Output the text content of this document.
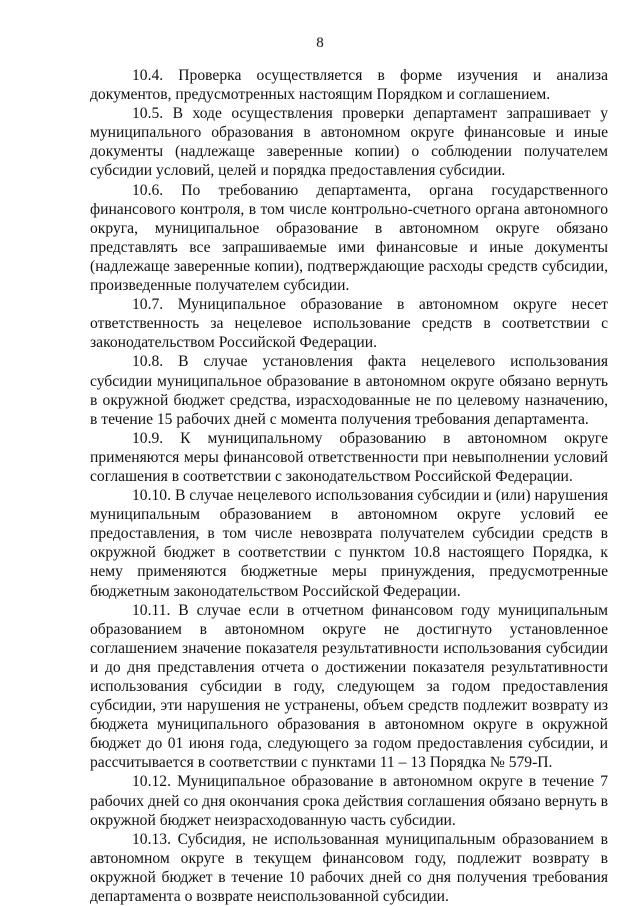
8

10.4. Проверка осуществляется в форме изучения и анализа документов, предусмотренных настоящим Порядком и соглашением.

10.5. В ходе осуществления проверки департамент запрашивает у муниципального образования в автономном округе финансовые и иные документы (надлежаще заверенные копии) о соблюдении получателем субсидии условий, целей и порядка предоставления субсидии.

10.6. По требованию департамента, органа государственного финансового контроля, в том числе контрольно-счетного органа автономного округа, муниципальное образование в автономном округе обязано представлять все запрашиваемые ими финансовые и иные документы (надлежаще заверенные копии), подтверждающие расходы средств субсидии, произведенные получателем субсидии.

10.7. Муниципальное образование в автономном округе несет ответственность за нецелевое использование средств в соответствии с законодательством Российской Федерации.

10.8. В случае установления факта нецелевого использования субсидии муниципальное образование в автономном округе обязано вернуть в окружной бюджет средства, израсходованные не по целевому назначению, в течение 15 рабочих дней с момента получения требования департамента.

10.9. К муниципальному образованию в автономном округе применяются меры финансовой ответственности при невыполнении условий соглашения в соответствии с законодательством Российской Федерации.

10.10. В случае нецелевого использования субсидии и (или) нарушения муниципальным образованием в автономном округе условий ее предоставления, в том числе невозврата получателем субсидии средств в окружной бюджет в соответствии с пунктом 10.8 настоящего Порядка, к нему применяются бюджетные меры принуждения, предусмотренные бюджетным законодательством Российской Федерации.

10.11. В случае если в отчетном финансовом году муниципальным образованием в автономном округе не достигнуто установленное соглашением значение показателя результативности использования субсидии и до дня представления отчета о достижении показателя результативности использования субсидии в году, следующем за годом предоставления субсидии, эти нарушения не устранены, объем средств подлежит возврату из бюджета муниципального образования в автономном округе в окружной бюджет до 01 июня года, следующего за годом предоставления субсидии, и рассчитывается в соответствии с пунктами 11 – 13 Порядка № 579-П.

10.12. Муниципальное образование в автономном округе в течение 7 рабочих дней со дня окончания срока действия соглашения обязано вернуть в окружной бюджет неизрасходованную часть субсидии.

10.13. Субсидия, не использованная муниципальным образованием в автономном округе в текущем финансовом году, подлежит возврату в окружной бюджет в течение 10 рабочих дней со дня получения требования департамента о возврате неиспользованной субсидии.
